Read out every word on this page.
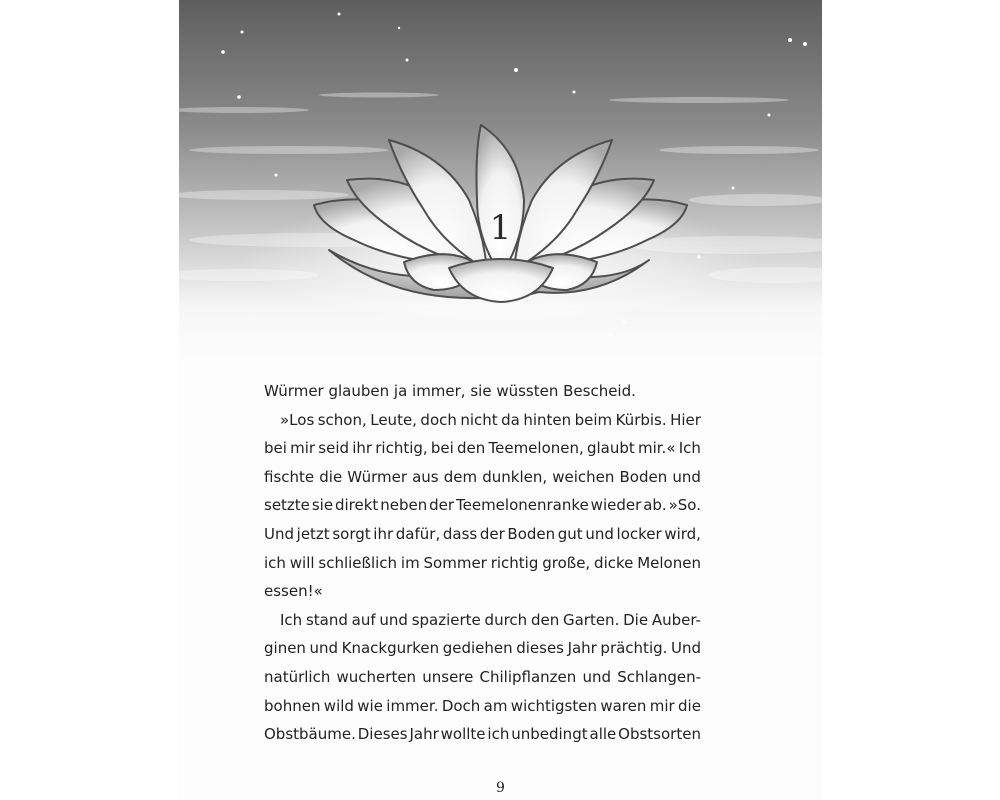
1
Würmer glauben ja immer, sie wüssten Bescheid.
»Los schon, Leute, doch nicht da hinten beim Kürbis. Hier
bei mir seid ihr richtig, bei den Teemelonen, glaubt mir.« Ich
fischte die Würmer aus dem dunklen, weichen Boden und
setzte sie direkt neben der Teemelonenranke wieder ab. »So.
Und jetzt sorgt ihr dafür, dass der Boden gut und locker wird,
ich will schließlich im Sommer richtig große, dicke Melonen
essen!«
Ich stand auf und spazierte durch den Garten. Die Auber-
ginen und Knackgurken gediehen dieses Jahr prächtig. Und
natürlich wucherten unsere Chilipflanzen und Schlangen-
bohnen wild wie immer. Doch am wichtigsten waren mir die
Obstbäume. Dieses Jahr wollte ich unbedingt alle Obstsorten
9
